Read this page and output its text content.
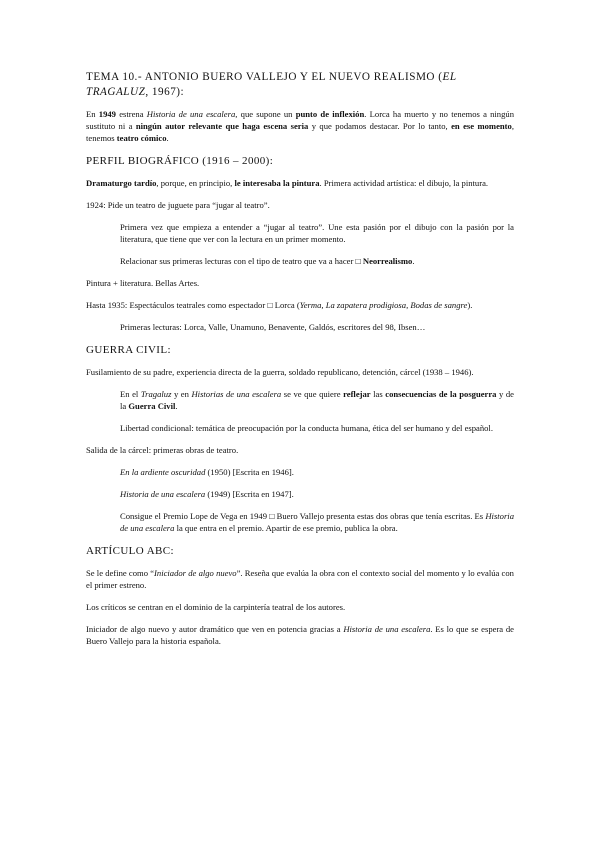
TEMA 10.- ANTONIO BUERO VALLEJO Y EL NUEVO REALISMO (EL TRAGALUZ, 1967):

En 1949 estrena Historia de una escalera, que supone un punto de inflexión. Lorca ha muerto y no tenemos a ningún sustituto ni a ningún autor relevante que haga escena seria y que podamos destacar. Por lo tanto, en ese momento, tenemos teatro cómico.

PERFIL BIOGRÁFICO (1916 – 2000):

Dramaturgo tardío, porque, en principio, le interesaba la pintura. Primera actividad artística: el dibujo, la pintura.

1924: Pide un teatro de juguete para “jugar al teatro”.

Primera vez que empieza a entender a “jugar al teatro”. Une esta pasión por el dibujo con la pasión por la literatura, que tiene que ver con la lectura en un primer momento.

Relacionar sus primeras lecturas con el tipo de teatro que va a hacer □ Neorrealismo.

Pintura + literatura. Bellas Artes.

Hasta 1935: Espectáculos teatrales como espectador □ Lorca (Yerma, La zapatera prodigiosa, Bodas de sangre).

Primeras lecturas: Lorca, Valle, Unamuno, Benavente, Galdós, escritores del 98, Ibsen…

GUERRA CIVIL:

Fusilamiento de su padre, experiencia directa de la guerra, soldado republicano, detención, cárcel (1938 – 1946).

En el Tragaluz y en Historias de una escalera se ve que quiere reflejar las consecuencias de la posguerra y de la Guerra Civil.

Libertad condicional: temática de preocupación por la conducta humana, ética del ser humano y del español.

Salida de la cárcel: primeras obras de teatro.

En la ardiente oscuridad (1950) [Escrita en 1946].

Historia de una escalera (1949) [Escrita en 1947].

Consigue el Premio Lope de Vega en 1949 □ Buero Vallejo presenta estas dos obras que tenía escritas. Es Historia de una escalera la que entra en el premio. Apartir de ese premio, publica la obra.

ARTÍCULO ABC:

Se le define como “Iniciador de algo nuevo”. Reseña que evalúa la obra con el contexto social del momento y lo evalúa con el primer estreno.

Los críticos se centran en el dominio de la carpintería teatral de los autores.

Iniciador de algo nuevo y autor dramático que ven en potencia gracias a Historia de una escalera. Es lo que se espera de Buero Vallejo para la historia española.
